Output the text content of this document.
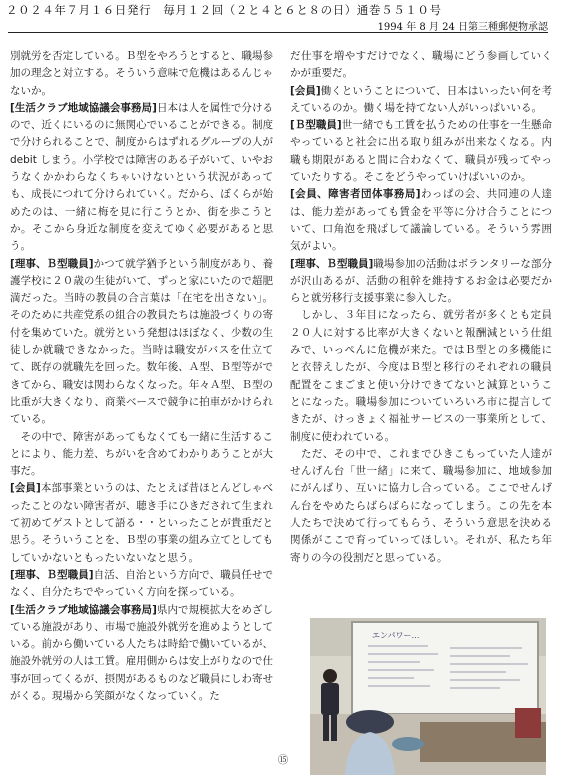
２０２４年７月１６日発行　毎月１２回（２と４と６と８の日）通巻５５１０号
1994 年 8 月 24 日第三種郵便物承認

別就労を否定している。Ｂ型をやろうとすると、職場参加の理念と対立する。そういう意味で危機はあるんじゃないか。

[生活クラブ地域協議会事務局]日本は人を属性で分けるので、近くにいるのに無関心でいることができる。制度で分けられることで、制度からはずれるグループの人が debit しまう。小学校では障害のある子がいて、いやおうなくかかわらなくちゃいけないという状況があっても、成長につれて分けられていく。だから、ぼくらが始めたのは、一緒に梅を見に行こうとか、街を歩こうとか。そこから身近な制度を変えてゆく必要があると思う。

[理事、Ｂ型職員]かつて就学猶予という制度があり、養護学校に２０歳の生徒がいて、ずっと家にいたので超肥満だった。当時の教員の合言葉は「在宅を出さない」。そのために共産党系の組合の教員たちは施設づくりの寄付を集めていた。就労という発想はほぼなく、少数の生徒しか就職できなかった。当時は職安がバスを仕立てて、既存の就職先を回った。数年後、Ａ型、Ｂ型等ができてから、職安は関わらなくなった。年々Ａ型、Ｂ型の比重が大きくなり、商業ベースで競争に拍車がかけられている。

　その中で、障害があってもなくても一緒に生活することにより、能力差、ちがいを含めてわかりあうことが大事だ。

[会員]本部事業というのは、たとえば昔ほとんどしゃべったことのない障害者が、聴き手にひきだされて生まれて初めてゲストとして語る・・といったことが貴重だと思う。そういうことを、Ｂ型の事業の組み立てとしてもしていかないともったいないなと思う。

[理事、Ｂ型職員]自活、自治という方向で、職員任せでなく、自分たちでやっていく方向を探っている。

[生活クラブ地域協議会事務局]県内で規模拡大をめざしている施設があり、市場で施設外就労を進めようとしている。前から働いている人たちは時給で働いているが、施設外就労の人は工賃。雇用側からは安上がりなので仕事が回ってくるが、摂関があるものなど職員にしわ寄せがくる。現場から笑顔がなくなっていく。た

だ仕事を増やすだけでなく、職場にどう参画していくかが重要だ。

[会員]働くということについて、日本はいったい何を考えているのか。働く場を持てない人がいっぱいいる。

[Ｂ型職員]世一緒でも工賃を払うための仕事を一生懸命やっていると社会に出る取り組みが出来なくなる。内職も期限があると間に合わなくて、職員が残ってやっていたりする。そこをどうやっていけばいいのか。

[会員、障害者団体事務局]わっぱの会、共同連の人達は、能力差があっても賃金を平等に分け合うことについて、口角泡を飛ばして議論している。そういう雰囲気がよい。

[理事、Ｂ型職員]職場参加の活動はボランタリーな部分が沢山あるが、活動の租幹を維持するお金は必要だからと就労移行支援事業に参入した。

　しかし、３年目になったら、就労者が多くとも定員２０人に対する比率が大きくないと報酬減という仕組みで、いっぺんに危機が来た。ではＢ型との多機能にと衣替えしたが、今度はＢ型と移行のそれぞれの職員配置をこまごまと使い分けできてないと減算ということになった。職場参加についていろいろ市に提言してきたが、けっきょく福祉サービスの一事業所として、制度に使われている。

　ただ、その中で、これまでひきこもっていた人達がせんげん台「世一緒」に来て、職場参加に、地域参加にがんばり、互いに協力し合っている。ここでせんげん台をやめたらばらばらになってしまう。この先を本人たちで決めて行ってもらう、そういう意思を決める関係がここで育っていってほしい。それが、私たち年寄りの今の役割だと思っている。

エンパワー…
⑮
